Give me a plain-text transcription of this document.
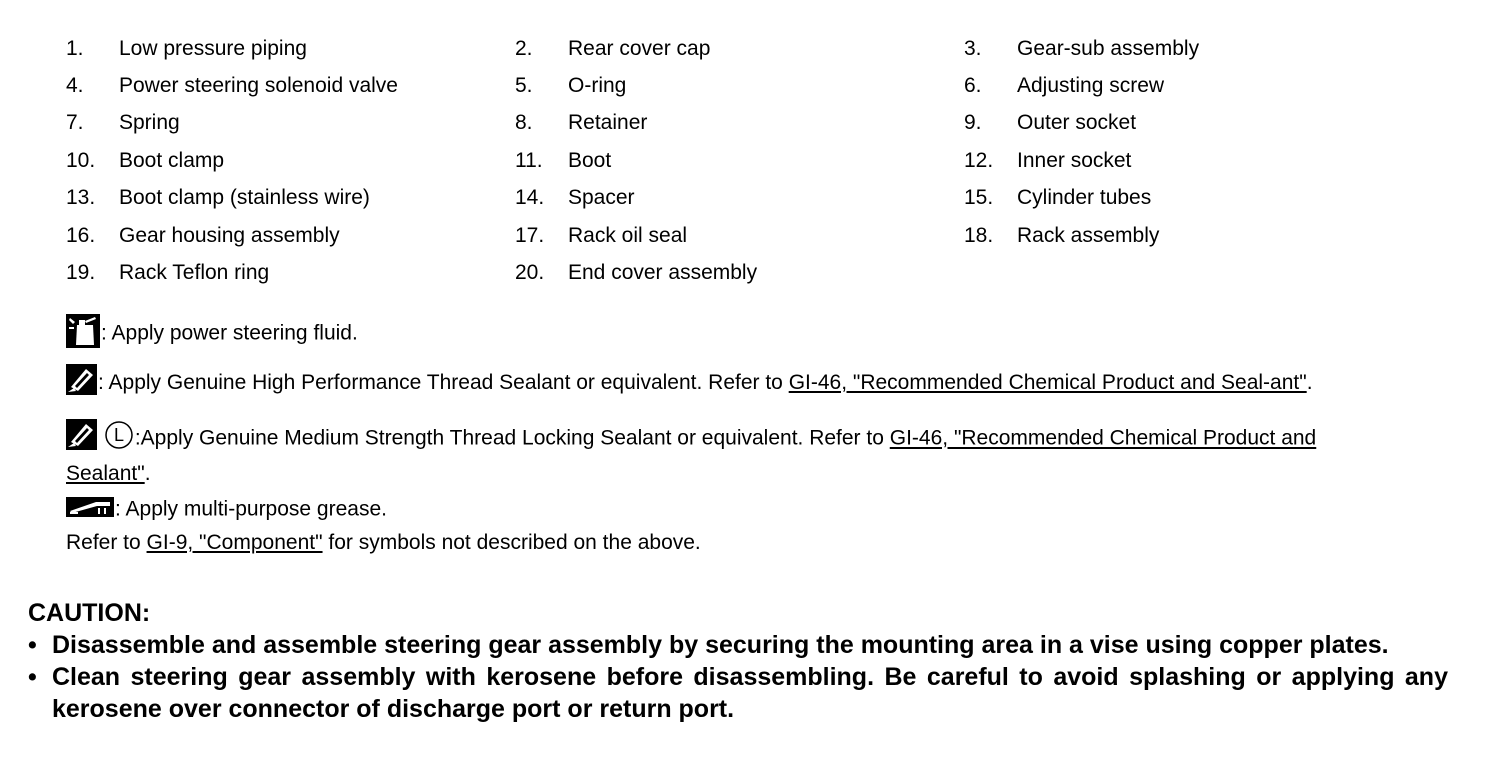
1.	Low pressure piping	2.	Rear cover cap	3.	Gear-sub assembly
4.	Power steering solenoid valve	5.	O-ring	6.	Adjusting screw
7.	Spring	8.	Retainer	9.	Outer socket
10.	Boot clamp	11.	Boot	12.	Inner socket
13.	Boot clamp (stainless wire)	14.	Spacer	15.	Cylinder tubes
16.	Gear housing assembly	17.	Rack oil seal	18.	Rack assembly
19.	Rack Teflon ring	20.	End cover assembly
: Apply power steering fluid.
: Apply Genuine High Performance Thread Sealant or equivalent. Refer to GI-46, "Recommended Chemical Product and Seal-ant".

L :Apply Genuine Medium Strength Thread Locking Sealant or equivalent. Refer to GI-46, "Recommended Chemical Product and Sealant".
: Apply multi-purpose grease.
Refer to GI-9, "Component" for symbols not described on the above.
CAUTION:
• Disassemble and assemble steering gear assembly by securing the mounting area in a vise using copper plates.
• Clean steering gear assembly with kerosene before disassembling. Be careful to avoid splashing or applying any kerosene over connector of discharge port or return port.
